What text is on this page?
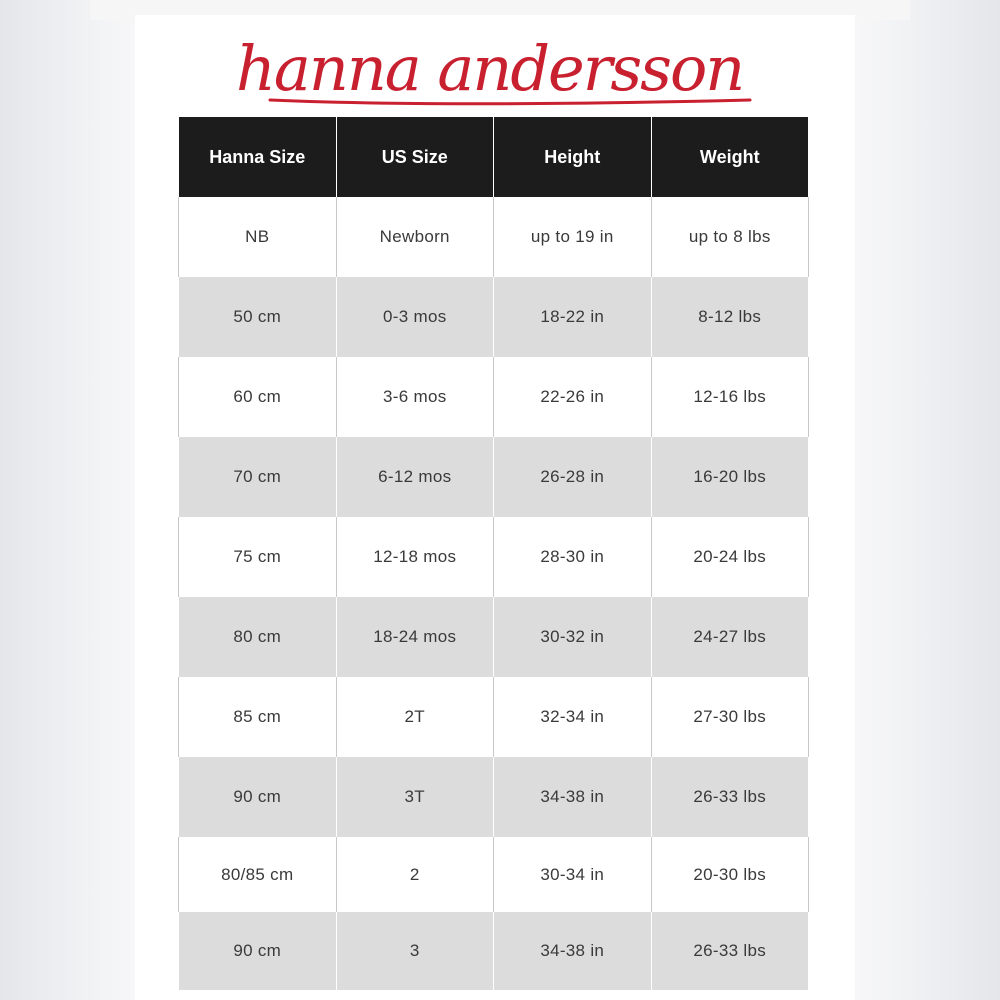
hanna andersson
Hanna Size	US Size	Height	Weight
NB	Newborn	up to 19 in	up to 8 lbs
50 cm	0-3 mos	18-22 in	8-12 lbs
60 cm	3-6 mos	22-26 in	12-16 lbs
70 cm	6-12 mos	26-28 in	16-20 lbs
75 cm	12-18 mos	28-30 in	20-24 lbs
80 cm	18-24 mos	30-32 in	24-27 lbs
85 cm	2T	32-34 in	27-30 lbs
90 cm	3T	34-38 in	26-33 lbs
80/85 cm	2	30-34 in	20-30 lbs
90 cm	3	34-38 in	26-33 lbs
